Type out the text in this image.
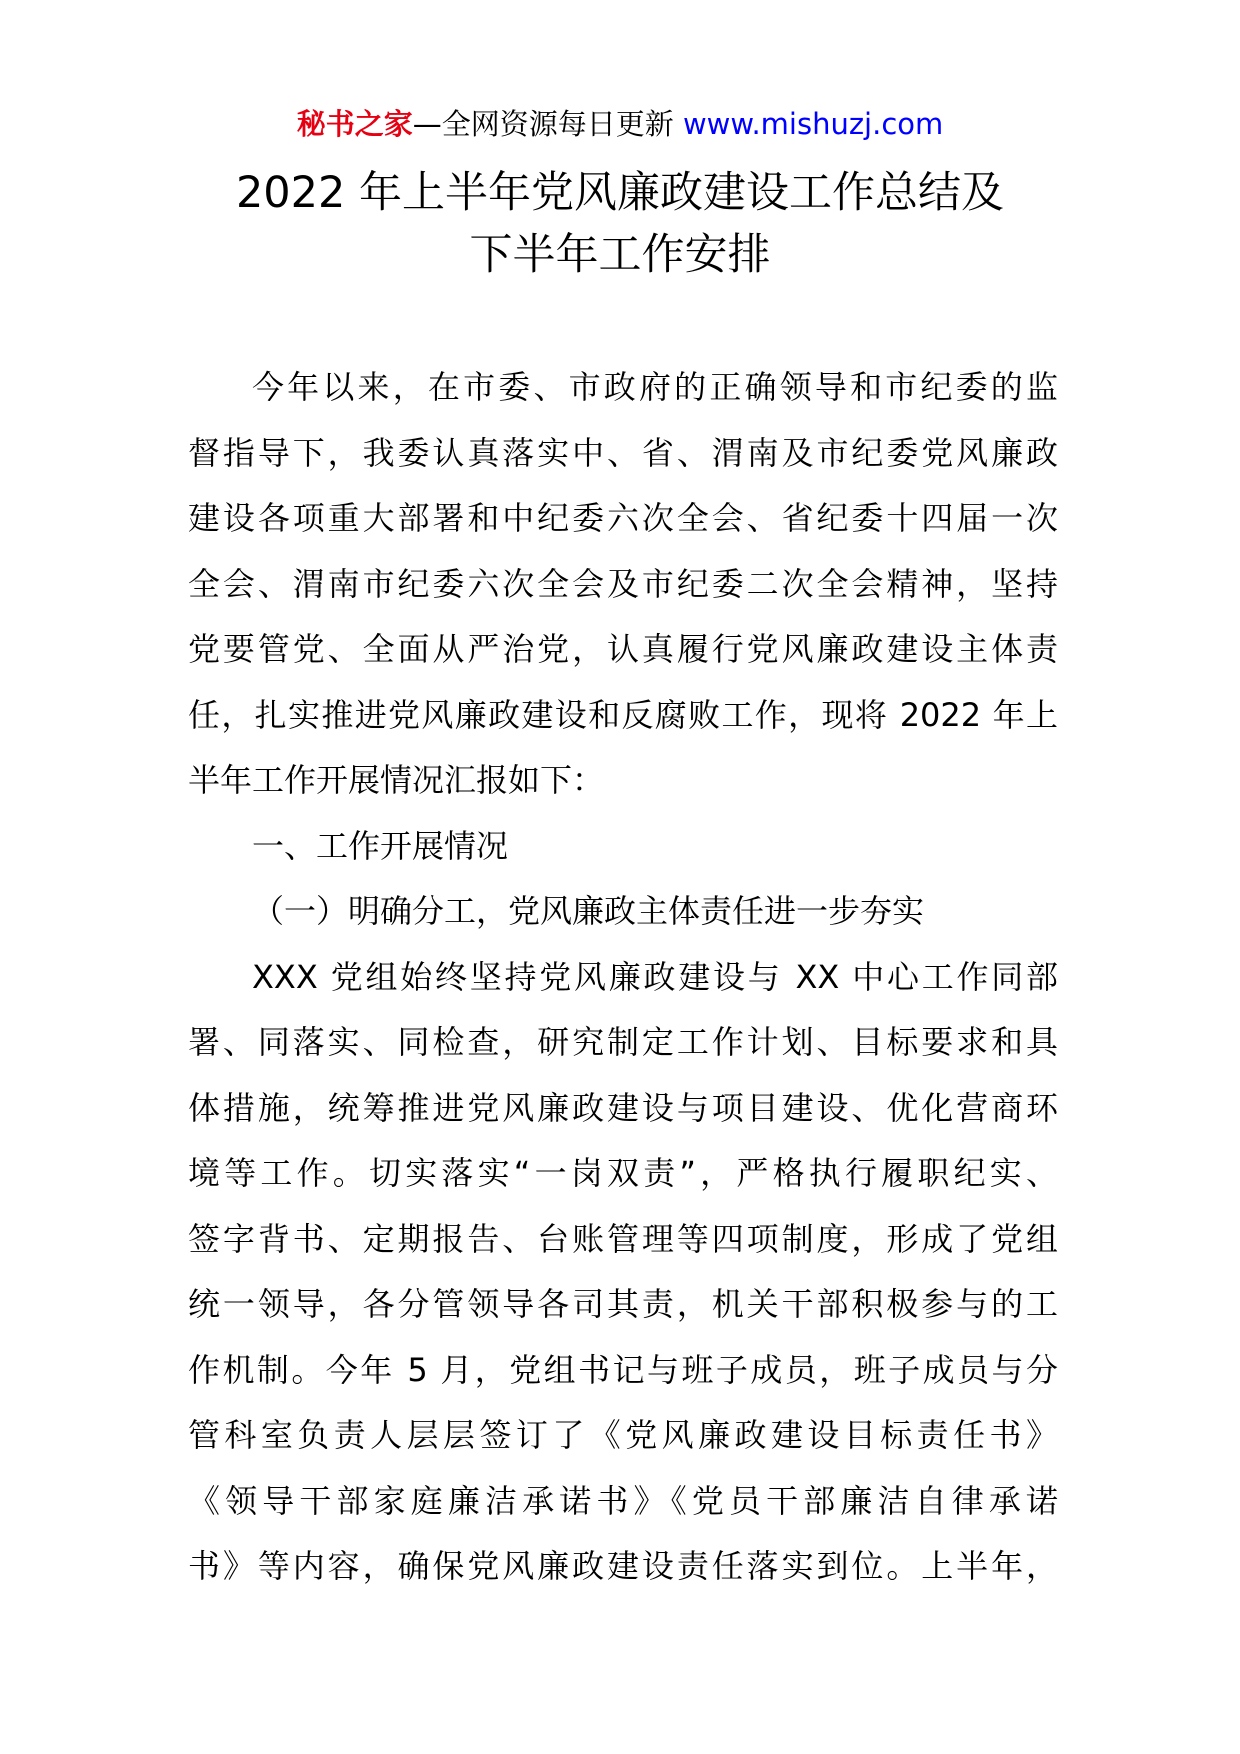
秘书之家—全网资源每日更新 www.mishuzj.com
2022 年上半年党风廉政建设工作总结及
下半年工作安排
今年以来，在市委、市政府的正确领导和市纪委的监
督指导下，我委认真落实中、省、渭南及市纪委党风廉政
建设各项重大部署和中纪委六次全会、省纪委十四届一次
全会、渭南市纪委六次全会及市纪委二次全会精神，坚持
党要管党、全面从严治党，认真履行党风廉政建设主体责
任，扎实推进党风廉政建设和反腐败工作，现将 2022 年上
半年工作开展情况汇报如下：
一、工作开展情况
（一）明确分工，党风廉政主体责任进一步夯实
XXX 党组始终坚持党风廉政建设与 XX 中心工作同部
署、同落实、同检查，研究制定工作计划、目标要求和具
体措施，统筹推进党风廉政建设与项目建设、优化营商环
境等工作。切实落实“一岗双责”，严格执行履职纪实、
签字背书、定期报告、台账管理等四项制度，形成了党组
统一领导，各分管领导各司其责，机关干部积极参与的工
作机制。今年 5 月，党组书记与班子成员，班子成员与分
管科室负责人层层签订了《党风廉政建设目标责任书》
《领导干部家庭廉洁承诺书》《党员干部廉洁自律承诺
书》等内容，确保党风廉政建设责任落实到位。上半年，
